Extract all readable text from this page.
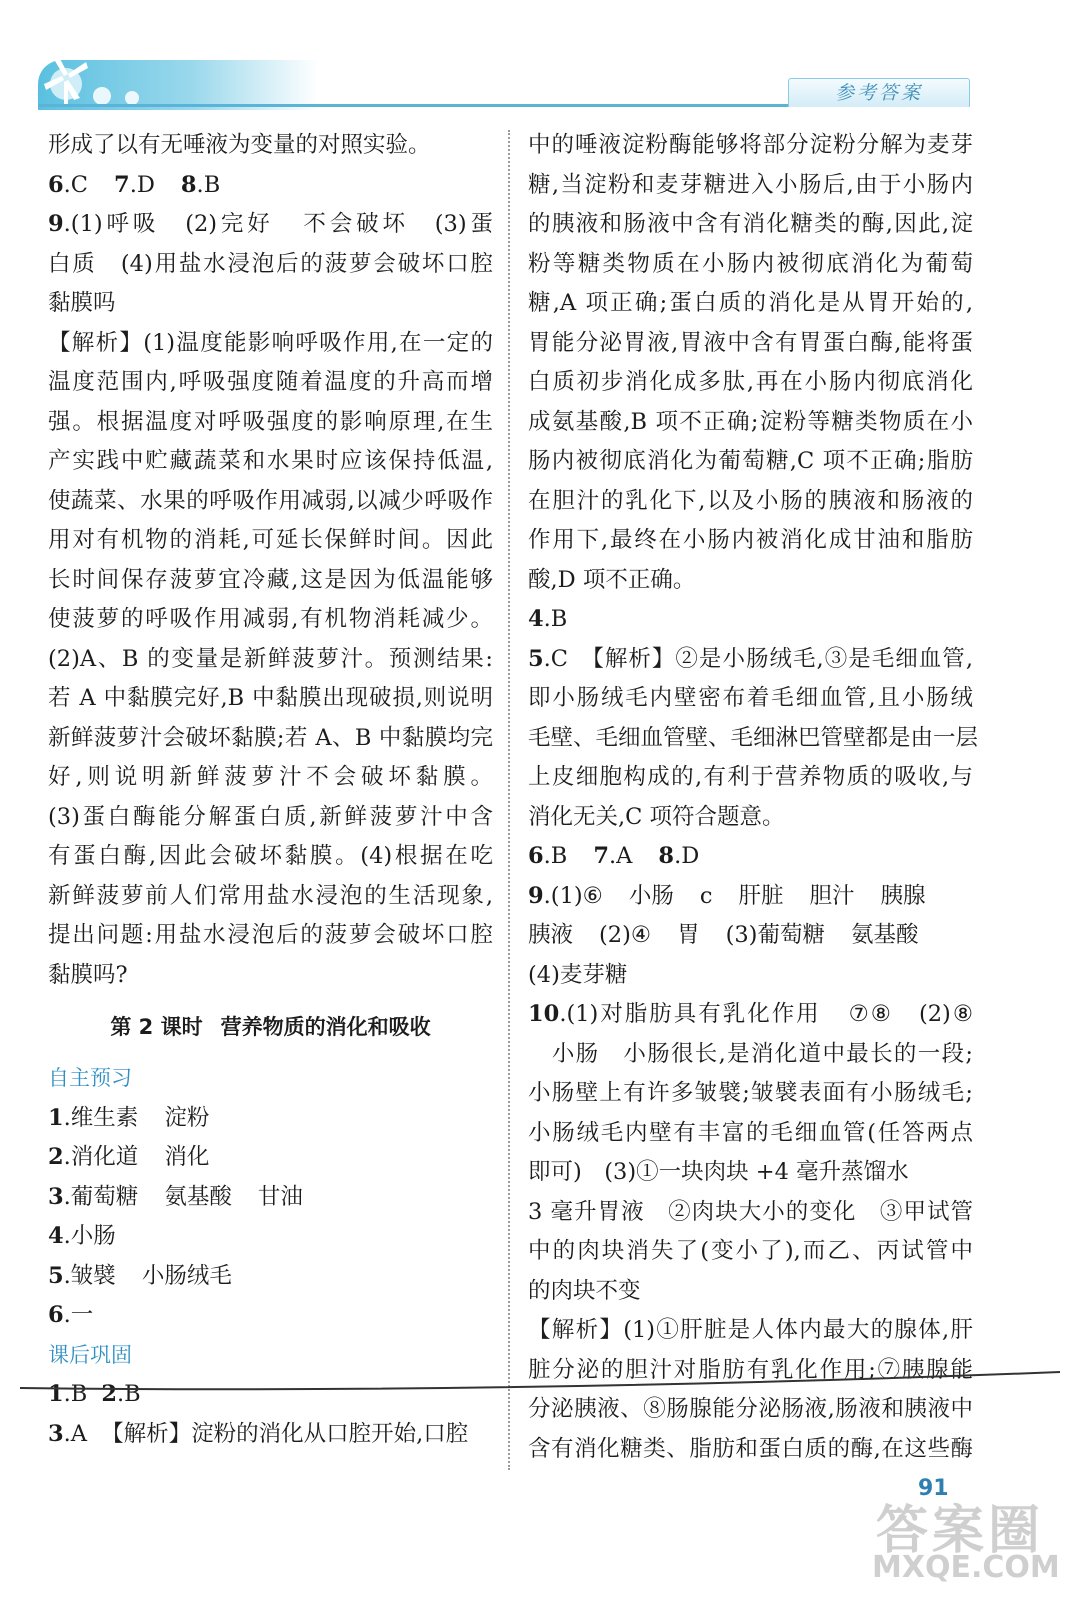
参考答案
形成了以有无唾液为变量的对照实验。
6.C 7.D 8.B
9.(1)呼吸 (2)完好 不会破坏 (3)蛋
白质　(4)用盐水浸泡后的菠萝会破坏口腔
黏膜吗
【解析】(1)温度能影响呼吸作用,在一定的
温度范围内,呼吸强度随着温度的升高而增
强。根据温度对呼吸强度的影响原理,在生
产实践中贮藏蔬菜和水果时应该保持低温,
使蔬菜、水果的呼吸作用减弱,以减少呼吸作
用对有机物的消耗,可延长保鲜时间。因此
长时间保存菠萝宜冷藏,这是因为低温能够
使菠萝的呼吸作用减弱,有机物消耗减少。
(2)A、B 的变量是新鲜菠萝汁。预测结果:
若 A 中黏膜完好,B 中黏膜出现破损,则说明
新鲜菠萝汁会破坏黏膜;若 A、B 中黏膜均完
好,则说明新鲜菠萝汁不会破坏黏膜。
(3)蛋白酶能分解蛋白质,新鲜菠萝汁中含
有蛋白酶,因此会破坏黏膜。(4)根据在吃
新鲜菠萝前人们常用盐水浸泡的生活现象,
提出问题:用盐水浸泡后的菠萝会破坏口腔
黏膜吗?
第 2 课时 营养物质的消化和吸收
自主预习
1.维生素 淀粉
2.消化道 消化
3.葡萄糖 氨基酸 甘油
4.小肠
5.皱襞 小肠绒毛
6.一
课后巩固
1.B 2.B
3.A 【解析】淀粉的消化从口腔开始,口腔
中的唾液淀粉酶能够将部分淀粉分解为麦芽
糖,当淀粉和麦芽糖进入小肠后,由于小肠内
的胰液和肠液中含有消化糖类的酶,因此,淀
粉等糖类物质在小肠内被彻底消化为葡萄
糖,A 项正确;蛋白质的消化是从胃开始的,
胃能分泌胃液,胃液中含有胃蛋白酶,能将蛋
白质初步消化成多肽,再在小肠内彻底消化
成氨基酸,B 项不正确;淀粉等糖类物质在小
肠内被彻底消化为葡萄糖,C 项不正确;脂肪
在胆汁的乳化下,以及小肠的胰液和肠液的
作用下,最终在小肠内被消化成甘油和脂肪
酸,D 项不正确。
4.B
5.C　【解析】②是小肠绒毛,③是毛细血管,
即小肠绒毛内壁密布着毛细血管,且小肠绒
毛壁、毛细血管壁、毛细淋巴管壁都是由一层
上皮细胞构成的,有利于营养物质的吸收,与
消化无关,C 项符合题意。
6.B 7.A 8.D
9.(1)⑥ 小肠 c 肝脏 胆汁 胰腺
胰液 (2)④ 胃 (3)葡萄糖 氨基酸
(4)麦芽糖
10.(1)对脂肪具有乳化作用 ⑦⑧ (2)⑧
　小肠　小肠很长,是消化道中最长的一段;
小肠壁上有许多皱襞;皱襞表面有小肠绒毛;
小肠绒毛内壁有丰富的毛细血管(任答两点
即可)　(3)①一块肉块 +4 毫升蒸馏水
3 毫升胃液　②肉块大小的变化　③甲试管
中的肉块消失了(变小了),而乙、丙试管中
的肉块不变
【解析】(1)①肝脏是人体内最大的腺体,肝
脏分泌的胆汁对脂肪有乳化作用;⑦胰腺能
分泌胰液、⑧肠腺能分泌肠液,肠液和胰液中
含有消化糖类、脂肪和蛋白质的酶,在这些酶
91
答案圈
MXQE.COM
